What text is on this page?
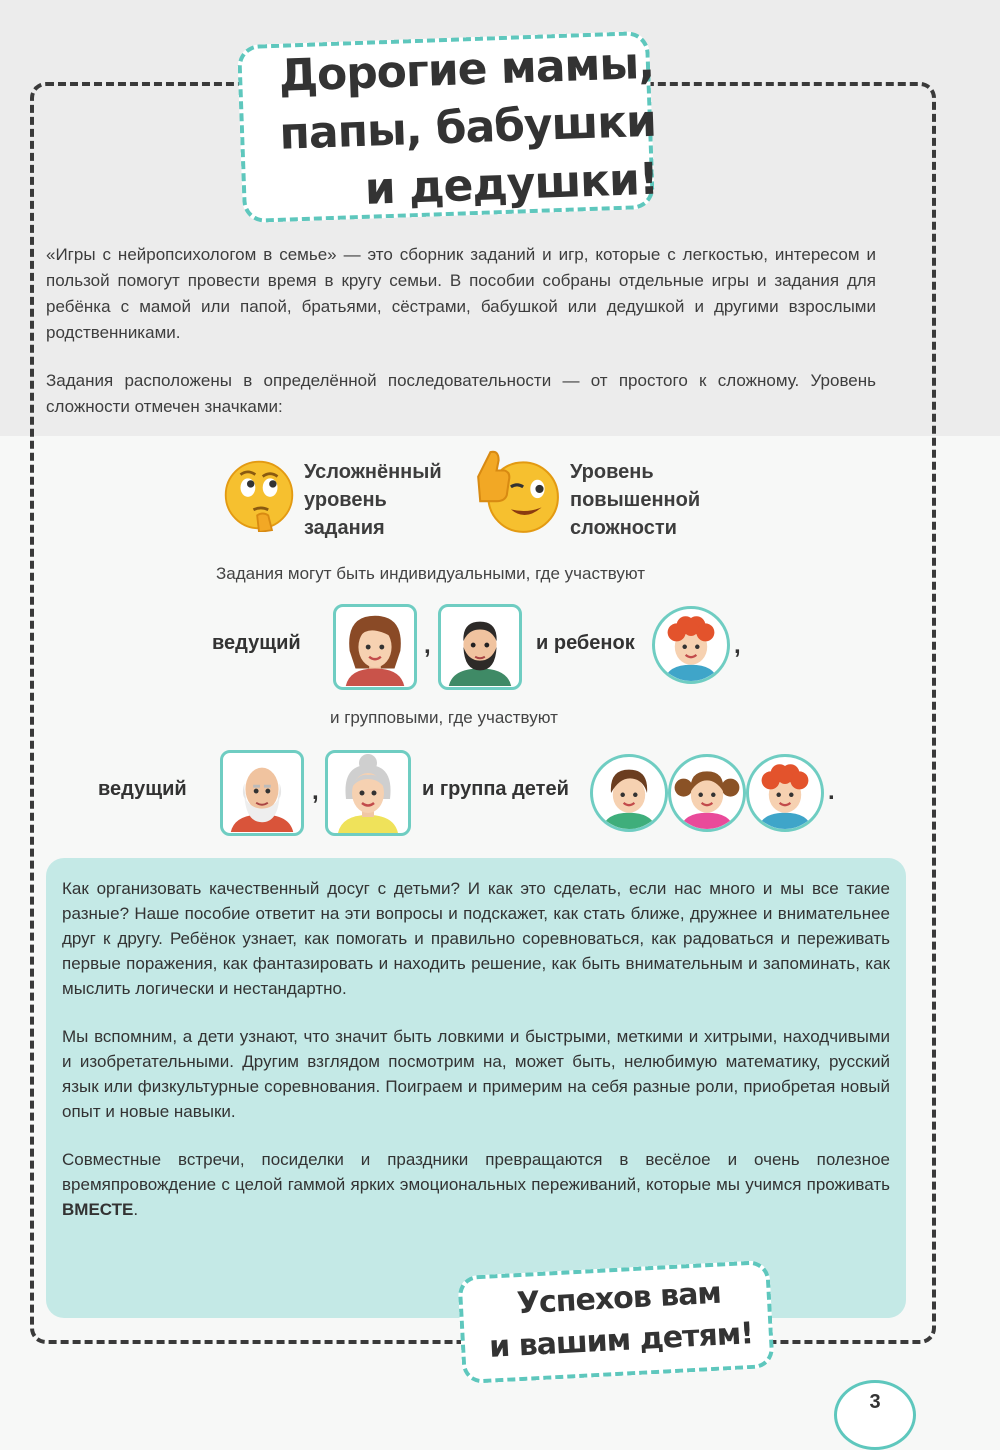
Дорогие мамы,
папы, бабушки
и дедушки!

«Игры с нейропсихологом в семье» — это сборник заданий и игр, которые с легкостью, интересом и пользой помогут провести время в кругу семьи. В пособии собраны отдельные игры и задания для ребёнка с мамой или папой, братьями, сёстрами, бабушкой или дедушкой и другими взрослыми родственниками.

Задания расположены в определённой последовательности — от простого к сложному. Уровень сложности отмечен значками:

Усложнённый
уровень
задания
Уровень
повышенной
сложности
Задания могут быть индивидуальными, где участвуют
ведущий	,	и ребенок	,
и групповыми, где участвуют
ведущий	,	и группа детей	.

Как организовать качественный досуг с детьми? И как это сделать, если нас много и мы все такие разные? Наше пособие ответит на эти вопросы и подскажет, как стать ближе, дружнее и внимательнее друг к другу. Ребёнок узнает, как помогать и правильно соревноваться, как радоваться и переживать первые поражения, как фантазировать и находить решение, как быть внимательным и запоминать, как мыслить логически и нестандартно.

Мы вспомним, а дети узнают, что значит быть ловкими и быстрыми, меткими и хитрыми, находчивыми и изобретательными. Другим взглядом посмотрим на, может быть, нелюбимую математику, русский язык или физкультурные соревнования. Поиграем и примерим на себя разные роли, приобретая новый опыт и новые навыки.

Совместные встречи, посиделки и праздники превращаются в весёлое и очень полезное времяпровождение с целой гаммой ярких эмоциональных переживаний, которые мы учимся проживать ВМЕСТЕ.

Успехов вам
и вашим детям!
3
